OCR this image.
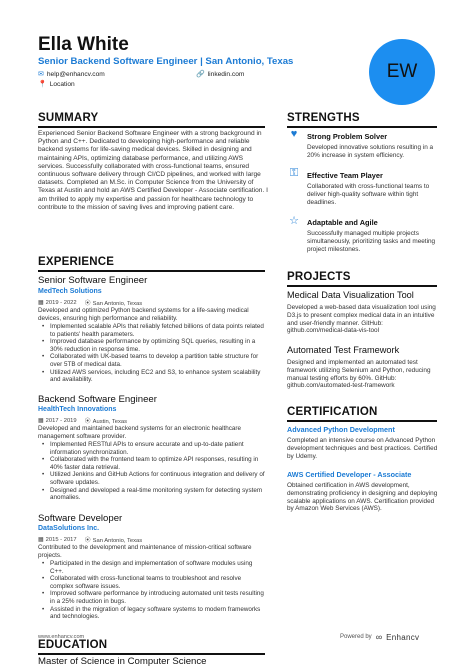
Ella White
Senior Backend Software Engineer | San Antonio, Texas
✉ help@enhancv.com	🔗 linkedin.com
📍 Location
EW
SUMMARY
Experienced Senior Backend Software Engineer with a strong background in Python and C++. Dedicated to developing high-performance and reliable backend systems for life-saving medical devices. Skilled in designing and maintaining APIs, optimizing database performance, and utilizing AWS services. Successfully collaborated with cross-functional teams, ensured continuous software delivery through CI/CD pipelines, and worked with large datasets. Completed an M.Sc. in Computer Science from the University of Texas at Austin and hold an AWS Certified Developer - Associate certification. I am thrilled to apply my expertise and passion for healthcare technology to contribute to the mission of saving lives and improving patient care.
EXPERIENCE
Senior Software Engineer
MedTech Solutions
▦ 2019 - 2022 ⦿ San Antonio, Texas
Developed and optimized Python backend systems for a life-saving medical devices, ensuring high performance and reliability.
• Implemented scalable APIs that reliably fetched billions of data points related to patients' health parameters.
• Improved database performance by optimizing SQL queries, resulting in a 30% reduction in response time.
• Collaborated with UK-based teams to develop a partition table structure for over 5TB of medical data.
• Utilized AWS services, including EC2 and S3, to enhance system scalability and availability.
Backend Software Engineer
HealthTech Innovations
▦ 2017 - 2019 ⦿ Austin, Texas
Developed and maintained backend systems for an electronic healthcare management software provider.
• Implemented RESTful APIs to ensure accurate and up-to-date patient information synchronization.
• Collaborated with the frontend team to optimize API responses, resulting in 40% faster data retrieval.
• Utilized Jenkins and GitHub Actions for continuous integration and delivery of software updates.
• Designed and developed a real-time monitoring system for detecting system anomalies.
Software Developer
DataSolutions Inc.
▦ 2015 - 2017 ⦿ San Antonio, Texas
Contributed to the development and maintenance of mission-critical software projects.
• Participated in the design and implementation of software modules using C++.
• Collaborated with cross-functional teams to troubleshoot and resolve complex software issues.
• Improved software performance by introducing automated unit tests resulting in a 25% reduction in bugs.
• Assisted in the migration of legacy software systems to modern frameworks and technologies.
EDUCATION
Master of Science in Computer Science
STRENGTHS
♥	Strong Problem Solver
Developed innovative solutions resulting in a 20% increase in system efficiency.
⚿	Effective Team Player
Collaborated with cross-functional teams to deliver high-quality software within tight deadlines.
☆ Adaptable and Agile
Successfully managed multiple projects simultaneously, prioritizing tasks and meeting project milestones.
PROJECTS
Medical Data Visualization Tool
Developed a web-based data visualization tool using D3.js to present complex medical data in an intuitive and user-friendly manner. GitHub: github.com/medical-data-vis-tool
Automated Test Framework
Designed and implemented an automated test framework utilizing Selenium and Python, reducing manual testing efforts by 60%. GitHub: github.com/automated-test-framework
CERTIFICATION
Advanced Python Development
Completed an intensive course on Advanced Python development techniques and best practices. Certified by Udemy.
AWS Certified Developer - Associate
Obtained certification in AWS development, demonstrating proficiency in designing and deploying scalable applications on AWS. Certification provided by Amazon Web Services (AWS).
www.enhancv.com	Powered by ∞ Enhancv
